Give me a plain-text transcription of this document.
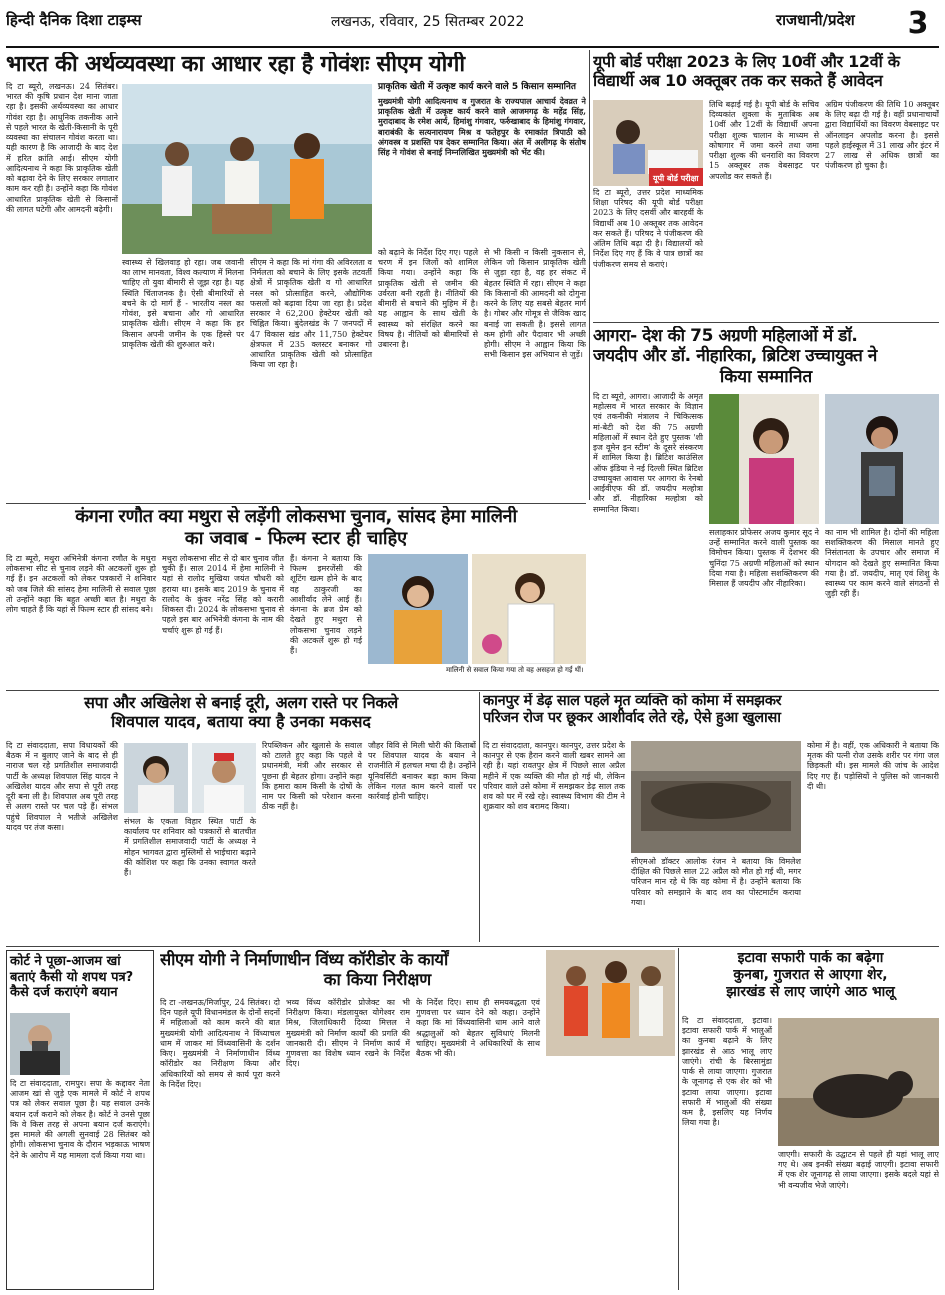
हिन्दी दैनिक दिशा टाइम्स	लखनऊ, रविवार, 25 सितम्बर 2022	राजधानी/प्रदेश	3
भारत की अर्थव्यवस्था का आधार रहा है गोवंशः सीएम योगी
दि टा ब्यूरो, लखनऊ। 24 सितंबर। भारत की कृषि प्रधान देश माना जाता रहा है। इसकी अर्थव्यवस्था का आधार गोवंश रहा है। आधुनिक तकनीक आने से पहले भारत के खेती-किसानी के पूरी व्यवस्था का संचालन गोवंश करता था। यही कारण है कि आजादी के बाद देश में हरित क्रांति आई। सीएम योगी आदित्यनाथ ने कहा कि प्राकृतिक खेती को बढ़ावा देने के लिए सरकार लगातार काम कर रही है। उन्होंने कहा कि गोवंश आधारित प्राकृतिक खेती से किसानों की लागत घटेगी और आमदनी बढ़ेगी।
स्वास्थ्य से खिलवाड़ हो रहा। जब जवानी का लाभ मानवता, विश्व कल्याण में मिलना चाहिए तो युवा बीमारी से जूझ रहा है। यह स्थिति चिंताजनक है। ऐसी बीमारियों से बचने के दो मार्ग हैं - भारतीय नस्ल का गोवंश, इसे बचाना और गो आधारित प्राकृतिक खेती। सीएम ने कहा कि हर किसान अपनी जमीन के एक हिस्से पर प्राकृतिक खेती की शुरुआत करे।
सीएम ने कहा कि मां गंगा की अविरलता व निर्मलता को बचाने के लिए इसके तटवर्ती क्षेत्रों में प्राकृतिक खेती व गो आधारित नस्ल को प्रोत्साहित करने, औद्योगिक फसलों को बढ़ावा दिया जा रहा है। प्रदेश सरकार ने 62,200 हेक्टेयर खेती को चिह्नित किया। बुंदेलखंड के 7 जनपदों में 47 विकास खंड और 11,750 हेक्टेयर क्षेत्रफल में 235 क्लस्टर बनाकर गो आधारित प्राकृतिक खेती को प्रोत्साहित किया जा रहा है।
प्राकृतिक खेती में उत्कृष्ट कार्य करने वाले 5 किसान सम्मानित
मुख्यमंत्री योगी आदित्यनाथ व गुजरात के राज्यपाल आचार्य देवव्रत ने प्राकृतिक खेती में उत्कृष्ट कार्य करने वाले आजमगढ़ के महेंद्र सिंह, मुरादाबाद के रमेश आर्य, हिमांशु गंगवार, फर्रुखाबाद के हिमांशु गंगवार, बाराबंकी के सत्यनारायण मिश्र व फतेहपुर के रमाकांत त्रिपाठी को अंगवस्त्र व प्रशस्ति पत्र देकर सम्मानित किया। अंत में अलीगढ़ के संतोष सिंह ने गोवंश से बनाई निम्नलिखित मुख्यमंत्री को भेंट की।
को बढ़ाने के निर्देश दिए गए। पहले चरण में इन जिलों को शामिल किया गया। उन्होंने कहा कि प्राकृतिक खेती से जमीन की उर्वरता बनी रहती है। नीतियों की बीमारी से बचाने की मुहिम में है। यह आह्वान के साथ खेती के स्वास्थ्य को संरक्षित करने का विषय है। नीतियों को बीमारियों से उबारना है।
से भी किसी न किसी नुकसान से, लेकिन जो किसान प्राकृतिक खेती से जुड़ा रहा है, वह हर संकट में बेहतर स्थिति में रहा। सीएम ने कहा कि किसानों की आमदनी को दोगुना करने के लिए यह सबसे बेहतर मार्ग है। गोबर और गोमूत्र से जैविक खाद बनाई जा सकती है। इससे लागत कम होगी और पैदावार भी अच्छी होगी। सीएम ने आह्वान किया कि सभी किसान इस अभियान से जुड़ें।
यूपी बोर्ड परीक्षा 2023 के लिए 10वीं और 12वीं के
विद्यार्थी अब 10 अक्तूबर तक कर सकते हैं आवेदन
यूपी बोर्ड परीक्षा
दि टा ब्यूरो, उत्तर प्रदेश माध्यमिक शिक्षा परिषद की यूपी बोर्ड परीक्षा 2023 के लिए दसवीं और बारहवीं के विद्यार्थी अब 10 अक्तूबर तक आवेदन कर सकते हैं। परिषद ने पंजीकरण की अंतिम तिथि बढ़ा दी है। विद्यालयों को निर्देश दिए गए हैं कि वे पात्र छात्रों का पंजीकरण समय से कराएं।
तिथि बढ़ाई गई है। यूपी बोर्ड के सचिव दिव्यकांत शुक्ला के मुताबिक अब 10वीं और 12वीं के विद्यार्थी अपना परीक्षा शुल्क चालान के माध्यम से कोषागार में जमा करने तथा जमा परीक्षा शुल्क की धनराशि का विवरण 15 अक्तूबर तक वेबसाइट पर अपलोड कर सकते हैं।
अग्रिम पंजीकरण की तिथि 10 अक्तूबर के लिए बढ़ा दी गई है। वहीं प्रधानाचार्यों द्वारा विद्यार्थियों का विवरण वेबसाइट पर ऑनलाइन अपलोड करना है। इससे पहले हाईस्कूल में 31 लाख और इंटर में 27 लाख से अधिक छात्रों का पंजीकरण हो चुका है।
आगरा- देश की 75 अग्रणी महिलाओं में डॉ.
जयदीप और डॉ. नीहारिका, ब्रिटिश उच्चायुक्त ने
किया सम्मानित
दि टा ब्यूरो, आगरा। आजादी के अमृत महोत्सव में भारत सरकार के विज्ञान एवं तकनीकी मंत्रालय ने चिकित्सक मां-बेटी को देश की 75 अग्रणी महिलाओं में स्थान देते हुए पुस्तक 'शी इज वूमेन इन स्टीम' के दूसरे संस्करण में शामिल किया है। ब्रिटिश काउंसिल ऑफ इंडिया ने नई दिल्ली स्थित ब्रिटिश उच्चायुक्त आवास पर आगरा के रेनबो आईवीएफ की डॉ. जयदीप मल्होत्रा और डॉ. नीहारिका मल्होत्रा को सम्मानित किया।
सलाहकार प्रोफेसर अजय कुमार सूद ने उन्हें सम्मानित करने वाली पुस्तक का विमोचन किया। पुस्तक में देशभर की चुनिंदा 75 अग्रणी महिलाओं को स्थान दिया गया है। महिला सशक्तिकरण की मिसाल हैं जयदीप और नीहारिका।
का नाम भी शामिल है। दोनों की महिला सशक्तिकरण की मिसाल मानते हुए निसंतानता के उपचार और समाज में योगदान को देखते हुए सम्मानित किया गया है। डॉ. जयदीप, मातृ एवं शिशु के स्वास्थ्य पर काम करने वाले संगठनों से जुड़ी रही हैं।
कंगना रणौत क्या मथुरा से लड़ेंगी लोकसभा चुनाव, सांसद हेमा मालिनी
का जवाब - फिल्म स्टार ही चाहिए
दि टा ब्यूरो, मथुरा अभिनेत्री कंगना रणौत के मथुरा लोकसभा सीट से चुनाव लड़ने की अटकलों शुरू हो गई हैं। इन अटकलों को लेकर पत्रकारों ने शनिवार को जब जिले की सांसद हेमा मालिनी से सवाल पूछा तो उन्होंने कहा कि बहुत अच्छी बात है। मथुरा के लोग चाहते हैं कि यहां से फिल्म स्टार ही सांसद बने।
मथुरा लोकसभा सीट से दो बार चुनाव जीत चुकी हैं। साल 2014 में हेमा मालिनी ने यहां से रालोद मुखिया जयंत चौधरी को हराया था। इसके बाद 2019 के चुनाव में रालोद के कुंवर नरेंद्र सिंह को करारी शिकस्त दी। 2024 के लोकसभा चुनाव से पहले इस बार अभिनेत्री कंगना के नाम की चर्चाएं शुरू हो गई हैं।
हैं। कंगना ने बताया कि फिल्म इमरजेंसी की शूटिंग खत्म होने के बाद वह ठाकुरजी का आशीर्वाद लेने आई हैं। कंगना के ब्रज प्रेम को देखते हुए मथुरा से लोकसभा चुनाव लड़ने की अटकलें शुरू हो गई हैं।
मालिनी से सवाल किया गया तो वह असहज हो गईं थीं।
सपा और अखिलेश से बनाई दूरी, अलग रास्ते पर निकले
शिवपाल यादव, बताया क्या है उनका मकसद
दि टा संवाददाता, सपा विधायकों की बैठक में न बुलाए जाने के बाद से ही नाराज चल रहे प्रगतिशील समाजवादी पार्टी के अध्यक्ष शिवपाल सिंह यादव ने अखिलेश यादव और सपा से पूरी तरह दूरी बना ली है। शिवपाल अब पूरी तरह से अलग रास्ते पर चल पड़े हैं। संभल पहुंचे शिवपाल ने भतीजे अखिलेश यादव पर तंज कसा।
संभल के एकता विहार स्थित पार्टी के कार्यालय पर शनिवार को पत्रकारों से बातचीत में प्रगतिशील समाजवादी पार्टी के अध्यक्ष ने मोहन भागवत द्वारा मुस्लिमों से भाईचारा बढ़ाने की कोशिश पर कहा कि उनका स्वागत करते हैं।
रिपब्लिकन और खुलासे के सवाल को टालते हुए कहा कि पहले वे प्रधानमंत्री, मंत्री और सरकार से पूछना ही बेहतर होगा। उन्होंने कहा कि हमारा काम किसी के दोषों के नाम पर किसी को परेशान करना ठीक नहीं है।
जौहर विवि से मिली चोरी की किताबों पर शिवपाल यादव के बयान ने राजनीति में हलचल मचा दी है। उन्होंने यूनिवर्सिटी बनाकर बड़ा काम किया लेकिन गलत काम करने वालों पर कार्रवाई होनी चाहिए।
कानपुर में डेढ़ साल पहले मृत व्यक्ति को कोमा में समझकर
परिजन रोज पर छूकर आशीर्वाद लेते रहे, ऐसे हुआ खुलासा
दि टा संवाददाता, कानपुर। कानपुर, उत्तर प्रदेश के कानपुर से एक हैरान करने वाली खबर सामने आ रही है। यहां रावतपुर क्षेत्र में पिछले साल अप्रैल महीने में एक व्यक्ति की मौत हो गई थी, लेकिन परिवार वाले उसे कोमा में समझकर डेढ़ साल तक शव को घर में रखे रहे। स्वास्थ्य विभाग की टीम ने शुक्रवार को शव बरामद किया।
सीएमओ डॉक्टर आलोक रंजन ने बताया कि विमलेश दीक्षित की पिछले साल 22 अप्रैल को मौत हो गई थी, मगर परिजन मान रहे थे कि वह कोमा में है। उन्होंने बताया कि परिवार को समझाने के बाद शव का पोस्टमार्टम कराया गया।
कोमा में है। वहीं, एक अधिकारी ने बताया कि मृतक की पत्नी रोज उसके शरीर पर गंगा जल छिड़कती थी। इस मामले की जांच के आदेश दिए गए हैं। पड़ोसियों ने पुलिस को जानकारी दी थी।
कोर्ट ने पूछा-आजम खां
बताएं कैसी यो शपथ पत्र?
कैसे दर्ज कराएंगे बयान
दि टा संवाददाता, रामपुर। सपा के कद्दावर नेता आजम खां से जुड़े एक मामले में कोर्ट ने शपथ पत्र को लेकर सवाल पूछा है। यह सवाल उनके बयान दर्ज कराने को लेकर है। कोर्ट ने उनसे पूछा कि वे किस तरह से अपना बयान दर्ज कराएंगे। इस मामले की अगली सुनवाई 28 सितंबर को होगी। लोकसभा चुनाव के दौरान भड़काऊ भाषण देने के आरोप में यह मामला दर्ज किया गया था।
सीएम योगी ने निर्माणाधीन विंध्य कॉरीडोर के कार्यों
का किया निरीक्षण
दि टा -लखनऊ/मिर्जापुर, 24 सितंबर। दो दिन पहले यूपी विधानमंडल के दोनों सदनों में महिलाओं को काम करने की बात मुख्यमंत्री योगी आदित्यनाथ ने विंध्याचल धाम में जाकर मां विंध्यवासिनी के दर्शन किए। मुख्यमंत्री ने निर्माणाधीन विंध्य कॉरीडोर का निरीक्षण किया और अधिकारियों को समय से कार्य पूरा करने के निर्देश दिए।
भव्य विंध्य कॉरीडोर प्रोजेक्ट का भी निरीक्षण किया। मंडलायुक्त योगेश्वर राम मिश्र, जिलाधिकारी दिव्या मित्तल ने मुख्यमंत्री को निर्माण कार्यों की प्रगति की जानकारी दी। सीएम ने निर्माण कार्य में गुणवत्ता का विशेष ध्यान रखने के निर्देश दिए।
के निर्देश दिए। साथ ही समयबद्धता एवं गुणवत्ता पर ध्यान देने को कहा। उन्होंने कहा कि मां विंध्यवासिनी धाम आने वाले श्रद्धालुओं को बेहतर सुविधाएं मिलनी चाहिए। मुख्यमंत्री ने अधिकारियों के साथ बैठक भी की।
इटावा सफारी पार्क का बढ़ेगा
कुनबा, गुजरात से आएगा शेर,
झारखंड से लाए जाएंगे आठ भालू
दि टा संवाददाता, इटावा। इटावा सफारी पार्क में भालुओं का कुनबा बढ़ाने के लिए झारखंड से आठ भालू लाए जाएंगे। रांची के बिरसामुंडा पार्क से लाया जाएगा। गुजरात के जूनागढ़ से एक शेर को भी इटावा लाया जाएगा। इटावा सफारी में भालुओं की संख्या कम है, इसलिए यह निर्णय लिया गया है।
जाएगी। सफारी के उद्घाटन से पहले ही यहां भालू लाए गए थे। अब इनकी संख्या बढ़ाई जाएगी। इटावा सफारी में एक शेर जूनागढ़ से लाया जाएगा। इसके बदले यहां से भी वन्यजीव भेजे जाएंगे।
